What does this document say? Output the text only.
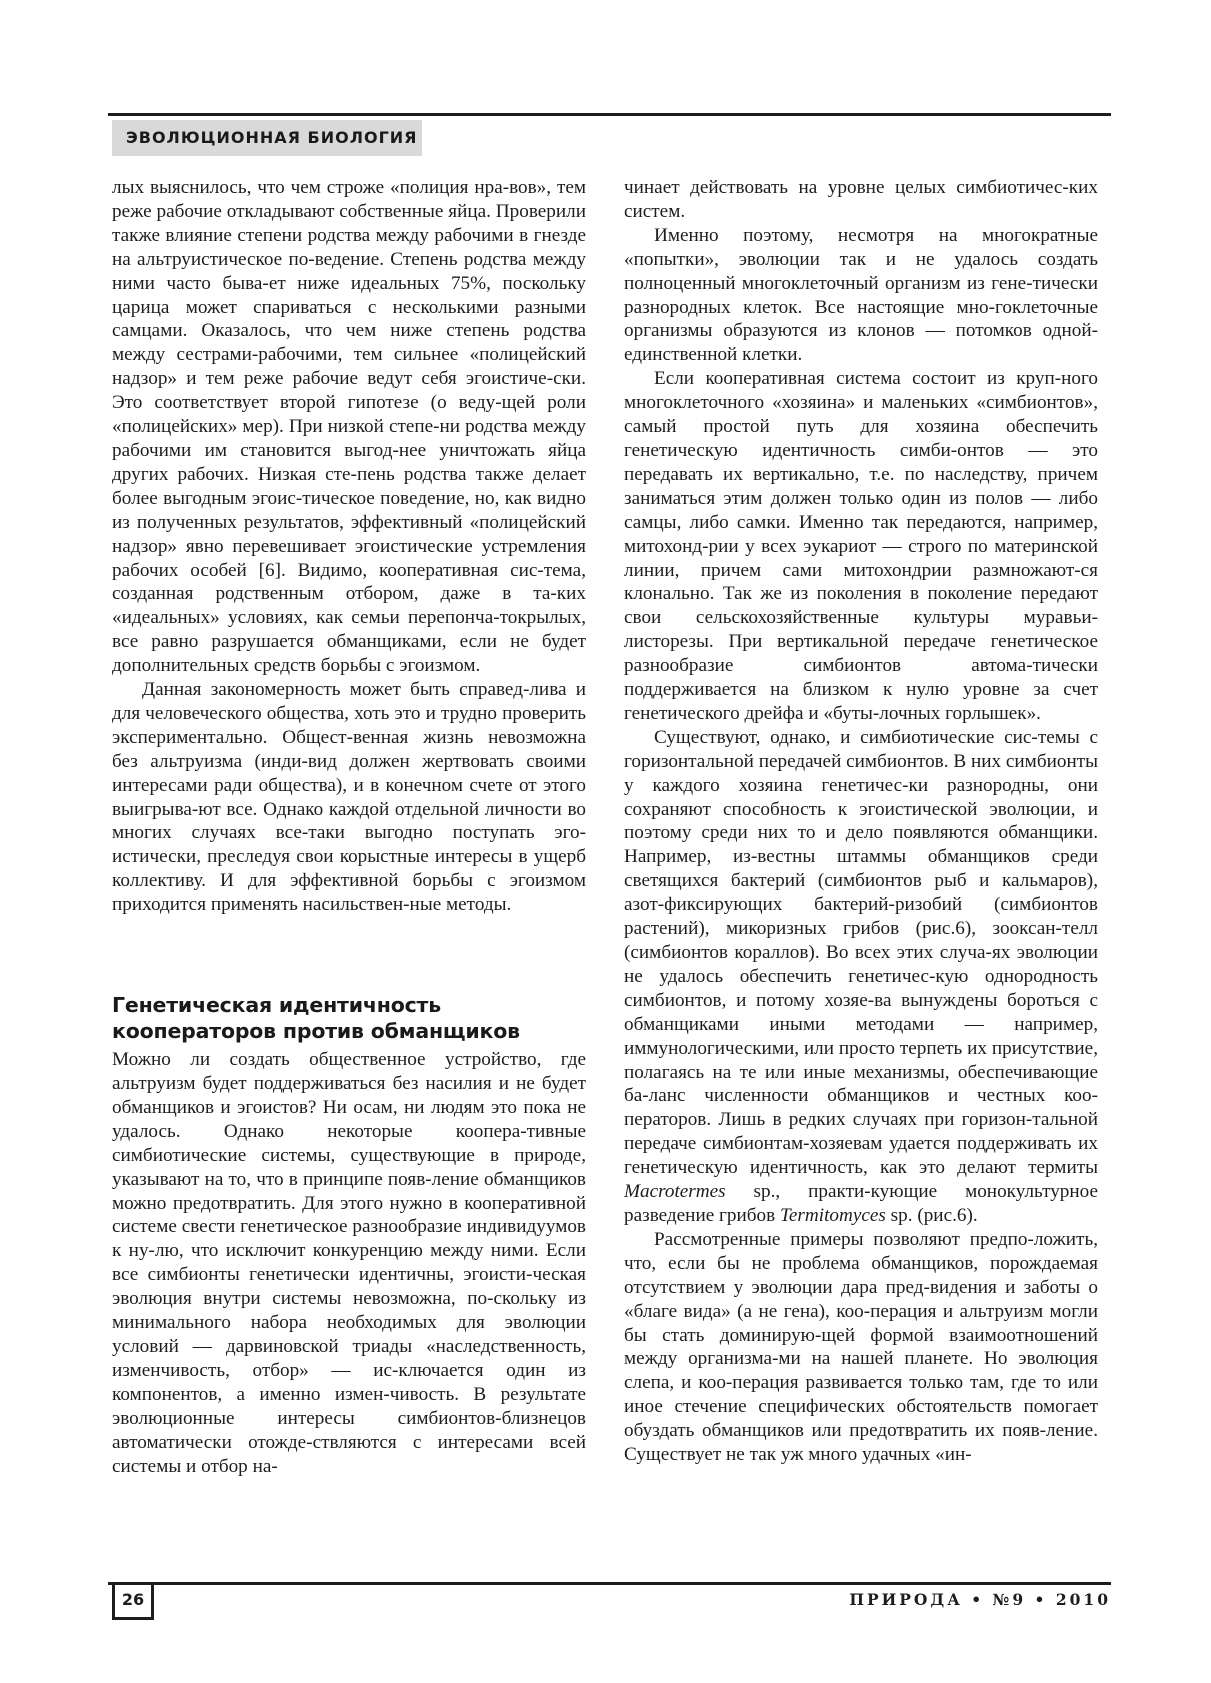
ЭВОЛЮЦИОННАЯ БИОЛОГИЯ

лых выяснилось, что чем строже «полиция нра-вов», тем реже рабочие откладывают собственные яйца. Проверили также влияние степени родства между рабочими в гнезде на альтруистическое по-ведение. Степень родства между ними часто быва-ет ниже идеальных 75%, поскольку царица может спариваться с несколькими разными самцами. Оказалось, что чем ниже степень родства между сестрами-рабочими, тем сильнее «полицейский надзор» и тем реже рабочие ведут себя эгоистиче-ски. Это соответствует второй гипотезе (о веду-щей роли «полицейских» мер). При низкой степе-ни родства между рабочими им становится выгод-нее уничтожать яйца других рабочих. Низкая сте-пень родства также делает более выгодным эгоис-тическое поведение, но, как видно из полученных результатов, эффективный «полицейский надзор» явно перевешивает эгоистические устремления рабочих особей [6]. Видимо, кооперативная сис-тема, созданная родственным отбором, даже в та-ких «идеальных» условиях, как семьи перепонча-токрылых, все равно разрушается обманщиками, если не будет дополнительных средств борьбы с эгоизмом.

Данная закономерность может быть справед-лива и для человеческого общества, хоть это и трудно проверить экспериментально. Общест-венная жизнь невозможна без альтруизма (инди-вид должен жертвовать своими интересами ради общества), и в конечном счете от этого выигрыва-ют все. Однако каждой отдельной личности во многих случаях все-таки выгодно поступать эго-истически, преследуя свои корыстные интересы в ущерб коллективу. И для эффективной борьбы с эгоизмом приходится применять насильствен-ные методы.

Генетическая идентичность кооператоров против обманщиков

Можно ли создать общественное устройство, где альтруизм будет поддерживаться без насилия и не будет обманщиков и эгоистов? Ни осам, ни людям это пока не удалось. Однако некоторые коопера-тивные симбиотические системы, существующие в природе, указывают на то, что в принципе появ-ление обманщиков можно предотвратить. Для этого нужно в кооперативной системе свести генетическое разнообразие индивидуумов к ну-лю, что исключит конкуренцию между ними. Если все симбионты генетически идентичны, эгоисти-ческая эволюция внутри системы невозможна, по-скольку из минимального набора необходимых для эволюции условий — дарвиновской триады «наследственность, изменчивость, отбор» — ис-ключается один из компонентов, а именно измен-чивость. В результате эволюционные интересы симбионтов-близнецов автоматически отожде-ствляются с интересами всей системы и отбор на-

чинает действовать на уровне целых симбиотичес-ких систем.

Именно поэтому, несмотря на многократные «попытки», эволюции так и не удалось создать полноценный многоклеточный организм из гене-тически разнородных клеток. Все настоящие мно-гоклеточные организмы образуются из клонов — потомков одной-единственной клетки.

Если кооперативная система состоит из круп-ного многоклеточного «хозяина» и маленьких «симбионтов», самый простой путь для хозяина обеспечить генетическую идентичность симби-онтов — это передавать их вертикально, т.е. по наследству, причем заниматься этим должен только один из полов — либо самцы, либо самки. Именно так передаются, например, митохонд-рии у всех эукариот — строго по материнской линии, причем сами митохондрии размножают-ся клонально. Так же из поколения в поколение передают свои сельскохозяйственные культуры муравьи-листорезы. При вертикальной передаче генетическое разнообразие симбионтов автома-тически поддерживается на близком к нулю уровне за счет генетического дрейфа и «буты-лочных горлышек».

Существуют, однако, и симбиотические сис-темы с горизонтальной передачей симбионтов. В них симбионты у каждого хозяина генетичес-ки разнородны, они сохраняют способность к эгоистической эволюции, и поэтому среди них то и дело появляются обманщики. Например, из-вестны штаммы обманщиков среди светящихся бактерий (симбионтов рыб и кальмаров), азот-фиксирующих бактерий-ризобий (симбионтов растений), микоризных грибов (рис.6), зооксан-телл (симбионтов кораллов). Во всех этих случа-ях эволюции не удалось обеспечить генетичес-кую однородность симбионтов, и потому хозяе-ва вынуждены бороться с обманщиками иными методами — например, иммунологическими, или просто терпеть их присутствие, полагаясь на те или иные механизмы, обеспечивающие ба-ланс численности обманщиков и честных коо-ператоров. Лишь в редких случаях при горизон-тальной передаче симбионтам-хозяевам удается поддерживать их генетическую идентичность, как это делают термиты Macrotermes sp., практи-кующие монокультурное разведение грибов Termitomyces sp. (рис.6).

Рассмотренные примеры позволяют предпо-ложить, что, если бы не проблема обманщиков, порождаемая отсутствием у эволюции дара пред-видения и заботы о «благе вида» (а не гена), коо-перация и альтруизм могли бы стать доминирую-щей формой взаимоотношений между организма-ми на нашей планете. Но эволюция слепа, и коо-перация развивается только там, где то или иное стечение специфических обстоятельств помогает обуздать обманщиков или предотвратить их появ-ление. Существует не так уж много удачных «ин-

26	ПРИРОДА • №9 • 2010
